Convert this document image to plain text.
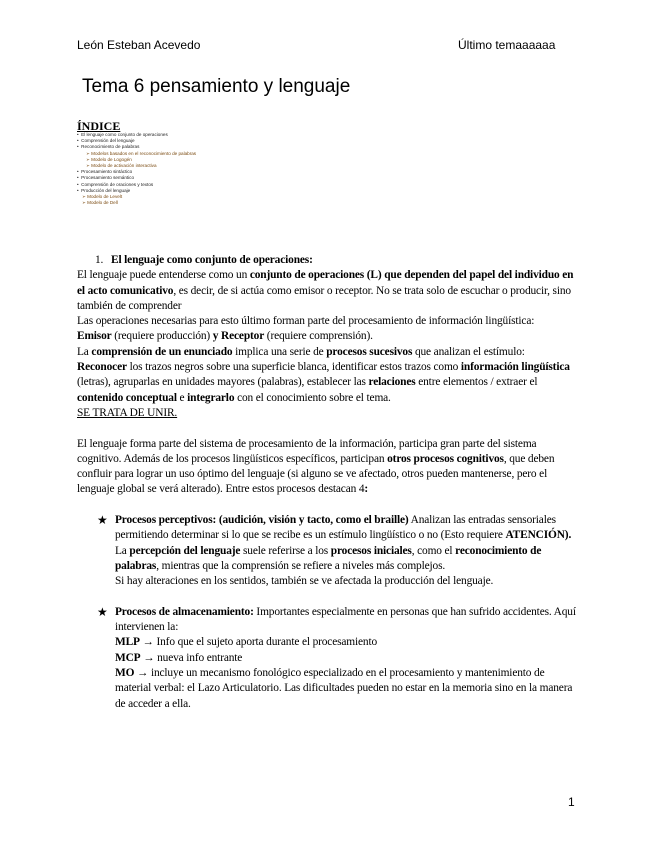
León Esteban Acevedo	Último temaaaaaa
Tema 6 pensamiento y lenguaje
ÍNDICE
•  El lenguaje como conjunto de operaciones
•  Comprensión del lenguaje
•  Reconocimiento de palabras
➢ Modelos basados en el reconocimiento de palabras
➢ Modelo de Logogén
➢ Modelo de activación interactiva
•  Procesamiento sintáctico
•  Procesamiento semántico
•  Comprensión de oraciones y textos
•  Producción del lenguaje
➢ Modelo de Levelt
➢ Modelo de Dell

1. El lenguaje como conjunto de operaciones:

El lenguaje puede entenderse como un conjunto de operaciones (L) que dependen del papel del individuo en el acto comunicativo, es decir, de si actúa como emisor o receptor. No se trata solo de escuchar o producir, sino también de comprender

Las operaciones necesarias para esto último forman parte del procesamiento de información lingüística:

Emisor (requiere producción) y Receptor (requiere comprensión).

La comprensión de un enunciado implica una serie de procesos sucesivos que analizan el estímulo:

Reconocer los trazos negros sobre una superficie blanca, identificar estos trazos como información lingüística (letras), agruparlas en unidades mayores (palabras), establecer las relaciones entre elementos / extraer el contenido conceptual e integrarlo con el conocimiento sobre el tema.

SE TRATA DE UNIR.

El lenguaje forma parte del sistema de procesamiento de la información, participa gran parte del sistema cognitivo. Además de los procesos lingüísticos específicos, participan otros procesos cognitivos, que deben confluir para lograr un uso óptimo del lenguaje (si alguno se ve afectado, otros pueden mantenerse, pero el lenguaje global se verá alterado). Entre estos procesos destacan 4:

★ Procesos perceptivos: (audición, visión y tacto, como el braille) Analizan las entradas sensoriales permitiendo determinar si lo que se recibe es un estímulo lingüístico o no (Esto requiere ATENCIÓN). La percepción del lenguaje suele referirse a los procesos iniciales, como el reconocimiento de palabras, mientras que la comprensión se refiere a niveles más complejos.

Si hay alteraciones en los sentidos, también se ve afectada la producción del lenguaje.

★ Procesos de almacenamiento: Importantes especialmente en personas que han sufrido accidentes. Aquí intervienen la:

MLP → Info que el sujeto aporta durante el procesamiento

MCP → nueva info entrante

MO → incluye un mecanismo fonológico especializado en el procesamiento y mantenimiento de material verbal: el Lazo Articulatorio. Las dificultades pueden no estar en la memoria sino en la manera de acceder a ella.

1
